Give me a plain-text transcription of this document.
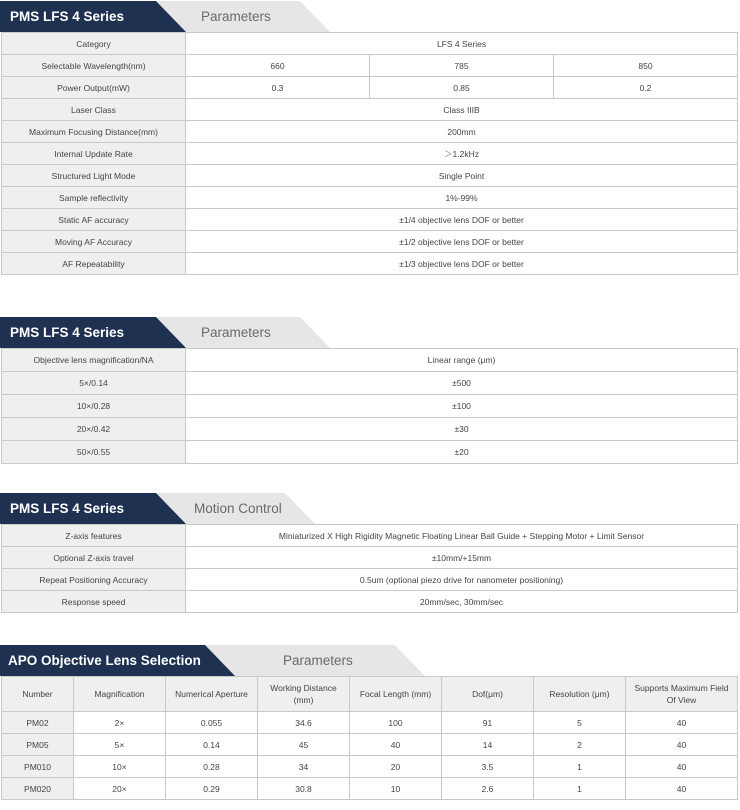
PMS LFS 4 Series	Parameters
Category	LFS 4 Series		
Selectable Wavelength(nm)	660	785	850
Power Output(mW)	0.3	0.85	0.2
Laser Class	Class IIIB		
Maximum Focusing Distance(mm)	200mm		
Internal Update Rate	＞1.2kHz		
Structured Light Mode	Single Point		
Sample reflectivity	1%-99%		
Static AF accuracy	±1/4 objective lens DOF or better		
Moving AF Accuracy	±1/2 objective lens DOF or better		
AF Repeatability	±1/3 objective lens DOF or better		
PMS LFS 4 Series	Parameters
Objective lens magnification/NA	Linear range (μm)
5×/0.14	±500
10×/0.28	±100
20×/0.42	±30
50×/0.55	±20
PMS LFS 4 Series	Motion Control
Z-axis features	Miniaturized X High Rigidity Magnetic Floating Linear Ball Guide + Stepping Motor + Limit Sensor
Optional Z-axis travel	±10mm/+15mm
Repeat Positioning Accuracy	0.5um (optional piezo drive for nanometer positioning)
Response speed	20mm/sec, 30mm/sec
APO Objective Lens Selection	Parameters
Number	Magnification	Numerical Aperture	Working Distance (mm)	Focal Length (mm)	Dof(μm)	Resolution (μm)	Supports Maximum Field Of View
PM02	2×	0.055	34.6	100	91	5	40
PM05	5×	0.14	45	40	14	2	40
PM010	10×	0.28	34	20	3.5	1	40
PM020	20×	0.29	30.8	10	2.6	1	40
